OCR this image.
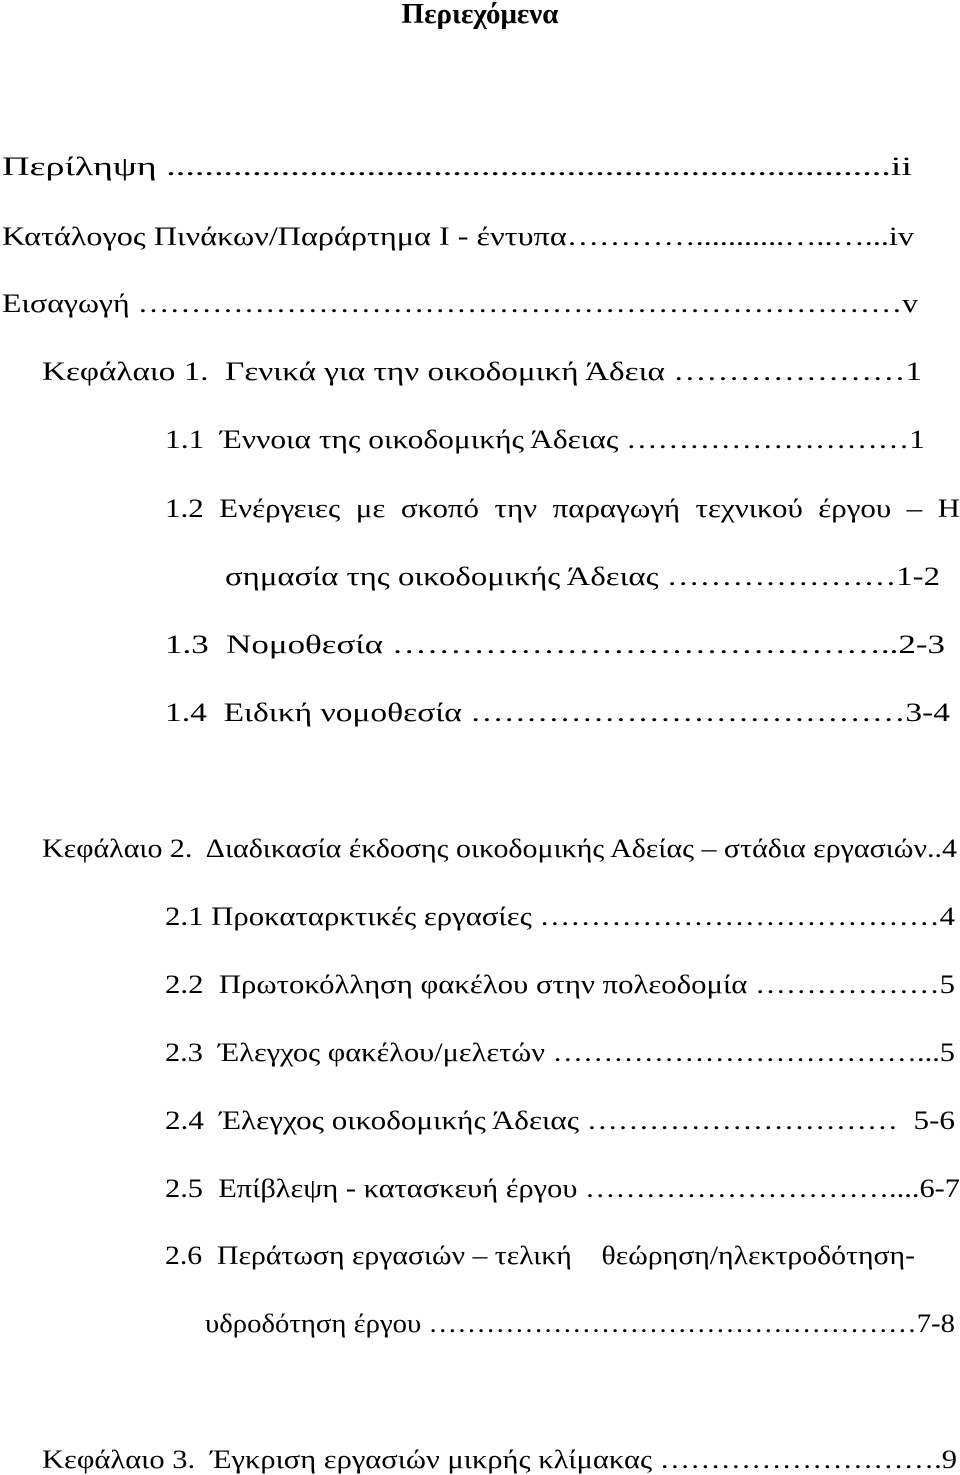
Περιεχόμενα
Περίληψη ............................................................................ii
Κατάλογος Πινάκων/Παράρτημα Ι - έντυπα…………...........…..…...iv
Εισαγωγή ………………………………………………………………v
Κεφάλαιο 1.  Γενικά για την οικοδομική Άδεια …………………1
1.1  Έννοια της οικοδομικής Άδειας ………………………1
1.2  Ενέργειες  με  σκοπό  την  παραγωγή  τεχνικού  έργου  –  Η
σημασία της οικοδομικής Άδειας …………………1-2
1.3  Νομοθεσία ……………………………………..2-3
1.4  Ειδική νομοθεσία …………………………………3-4
Κεφάλαιο 2.  Διαδικασία έκδοσης οικοδομικής Αδείας – στάδια εργασιών..4
2.1 Προκαταρκτικές εργασίες …………………………………4
2.2  Πρωτοκόλληση φακέλου στην πολεοδομία ………………5
2.3  Έλεγχος φακέλου/μελετών ………………………………...5
2.4  Έλεγχος οικοδομικής Άδειας …………………………  5-6
2.5  Επίβλεψη - κατασκευή έργου …………………………....6-7
2.6  Περάτωση εργασιών – τελική    θεώρηση/ηλεκτροδότηση-
υδροδότηση έργου ……………………………………………7-8
Κεφάλαιο 3.  Έγκριση εργασιών μικρής κλίμακας ……………………….9
